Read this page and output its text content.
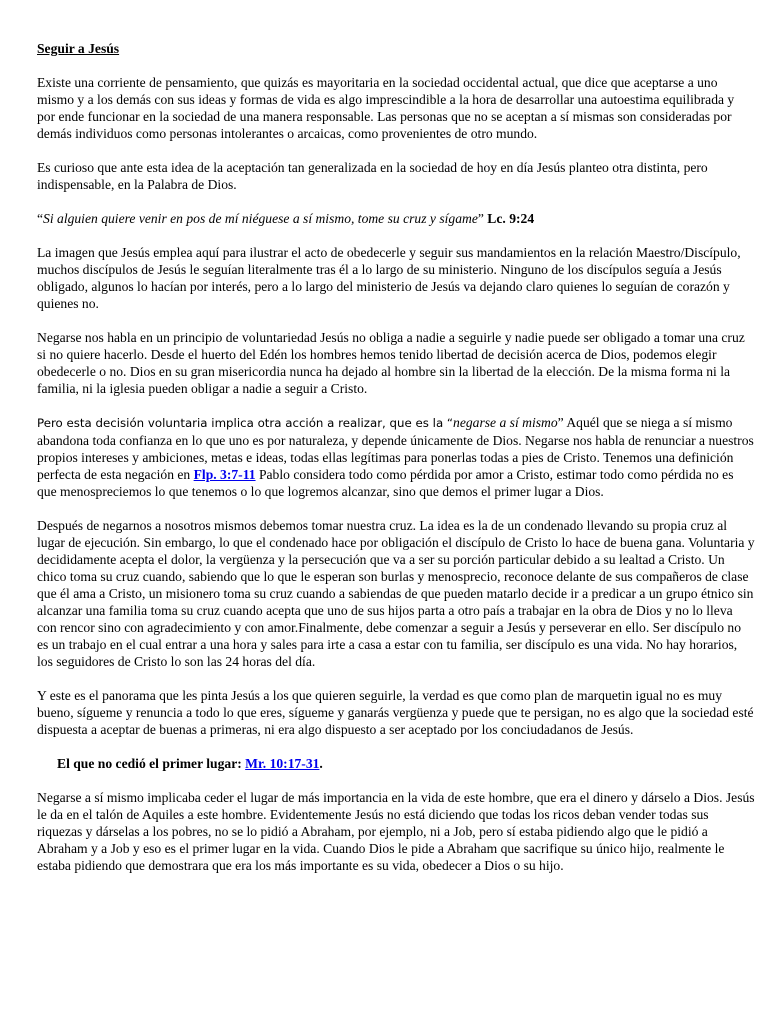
Seguir a Jesús

Existe una corriente de pensamiento, que quizás es mayoritaria en la sociedad occidental actual, que dice que aceptarse a uno mismo y a los demás con sus ideas y formas de vida es algo imprescindible a la hora de desarrollar una autoestima equilibrada y por ende funcionar en la sociedad de una manera responsable. Las personas que no se aceptan a sí mismas son consideradas por demás individuos como personas intolerantes o arcaicas, como provenientes de otro mundo.

Es curioso que ante esta idea de la aceptación tan generalizada en la sociedad de hoy en día Jesús planteo otra distinta, pero indispensable, en la Palabra de Dios.

“Si alguien quiere venir en pos de mí niéguese a sí mismo, tome su cruz y sígame” Lc. 9:24

La imagen que Jesús emplea aquí para ilustrar el acto de obedecerle y seguir sus mandamientos en la relación Maestro/Discípulo, muchos discípulos de Jesús le seguían literalmente tras él a lo largo de su ministerio. Ninguno de los discípulos seguía a Jesús obligado, algunos lo hacían por interés, pero a lo largo del ministerio de Jesús va dejando claro quienes lo seguían de corazón y quienes no.

Negarse nos habla en un principio de voluntariedad Jesús no obliga a nadie a seguirle y nadie puede ser obligado a tomar una cruz si no quiere hacerlo. Desde el huerto del Edén los hombres hemos tenido libertad de decisión acerca de Dios, podemos elegir obedecerle o no. Dios en su gran misericordia nunca ha dejado al hombre sin la libertad de la elección. De la misma forma ni la familia, ni la iglesia pueden obligar a nadie a seguir a Cristo.

Pero esta decisión voluntaria implica otra acción a realizar, que es la “negarse a sí mismo” Aquél que se niega a sí mismo abandona toda confianza en lo que uno es por naturaleza, y depende únicamente de Dios. Negarse nos habla de renunciar a nuestros propios intereses y ambiciones, metas e ideas, todas ellas legítimas para ponerlas todas a pies de Cristo. Tenemos una definición perfecta de esta negación en Flp. 3:7-11 Pablo considera todo como pérdida por amor a Cristo, estimar todo como pérdida no es que menospreciemos lo que tenemos o lo que logremos alcanzar, sino que demos el primer lugar a Dios.

Después de negarnos a nosotros mismos debemos tomar nuestra cruz. La idea es la de un condenado llevando su propia cruz al lugar de ejecución. Sin embargo, lo que el condenado hace por obligación el discípulo de Cristo lo hace de buena gana. Voluntaria y decididamente acepta el dolor, la vergüenza y la persecución que va a ser su porción particular debido a su lealtad a Cristo. Un chico toma su cruz cuando, sabiendo que lo que le esperan son burlas y menosprecio, reconoce delante de sus compañeros de clase que él ama a Cristo, un misionero toma su cruz cuando a sabiendas de que pueden matarlo decide ir a predicar a un grupo étnico sin alcanzar una familia toma su cruz cuando acepta que uno de sus hijos parta a otro país a trabajar en la obra de Dios y no lo lleva con rencor sino con agradecimiento y con amor.Finalmente, debe comenzar a seguir a Jesús y perseverar en ello. Ser discípulo no es un trabajo en el cual entrar a una hora y sales para irte a casa a estar con tu familia, ser discípulo es una vida. No hay horarios, los seguidores de Cristo lo son las 24 horas del día.

Y este es el panorama que les pinta Jesús a los que quieren seguirle, la verdad es que como plan de marquetin igual no es muy bueno, sígueme y renuncia a todo lo que eres, sígueme y ganarás vergüenza y puede que te persigan, no es algo que la sociedad esté dispuesta a aceptar de buenas a primeras, ni era algo dispuesto a ser aceptado por los conciudadanos de Jesús.

El que no cedió el primer lugar: Mr. 10:17-31.

Negarse a sí mismo implicaba ceder el lugar de más importancia en la vida de este hombre, que era el dinero y dárselo a Dios. Jesús le da en el talón de Aquiles a este hombre. Evidentemente Jesús no está diciendo que todas los ricos deban vender todas sus riquezas y dárselas a los pobres, no se lo pidió a Abraham, por ejemplo, ni a Job, pero sí estaba pidiendo algo que le pidió a Abraham y a Job y eso es el primer lugar en la vida. Cuando Dios le pide a Abraham que sacrifique su único hijo, realmente le estaba pidiendo que demostrara que era los más importante es su vida, obedecer a Dios o su hijo.
